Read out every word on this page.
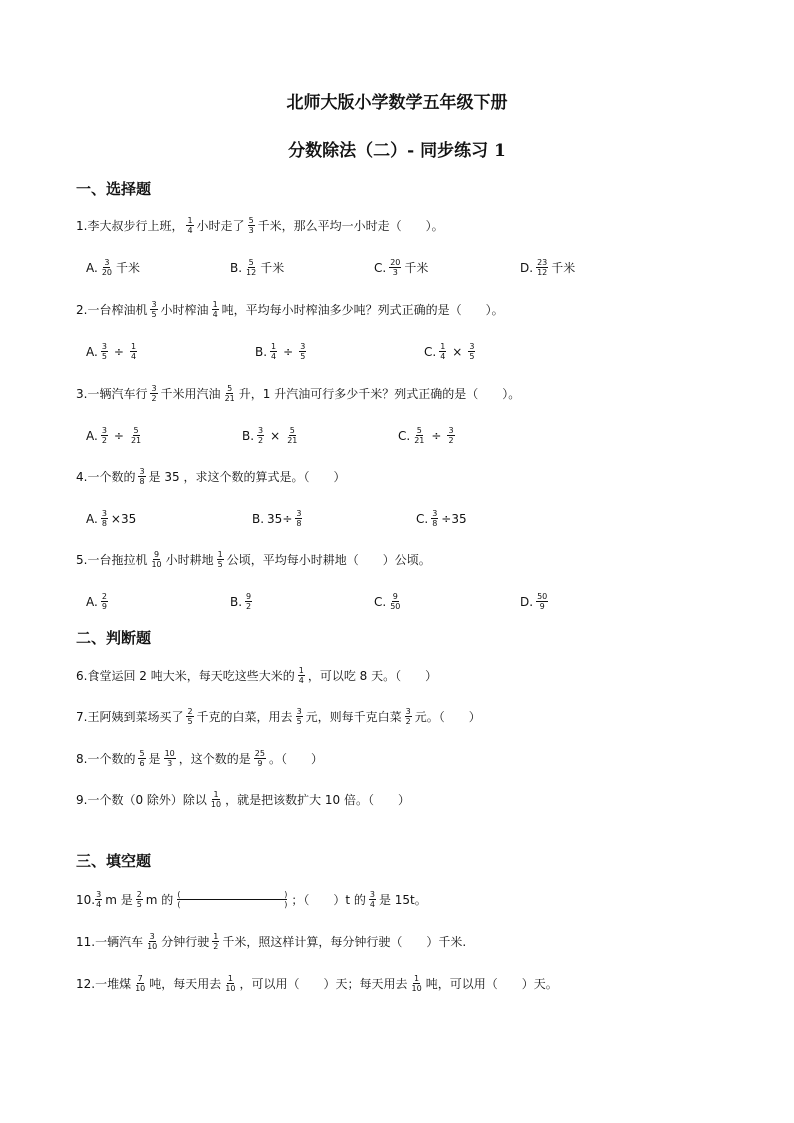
北师大版小学数学五年级下册
分数除法（二）- 同步练习 1
一、选择题
1.李大叔步行上班， $\frac{1}{4}$ 小时走了 $\frac{5}{3}$ 千米，那么平均一小时走（　　）。
A. $\frac{3}{20}$ 千米	B. $\frac{5}{12}$ 千米	C. $\frac{20}{3}$ 千米	D. $\frac{23}{12}$ 千米
2.一台榨油机 $\frac{3}{5}$ 小时榨油 $\frac{1}{4}$ 吨，平均每小时榨油多少吨？列式正确的是（　　）。
A. $\frac{3}{5} \div \frac{1}{4}$	B. $\frac{1}{4} \div \frac{3}{5}$	C. $\frac{1}{4} \times \frac{3}{5}$
3.一辆汽车行 $\frac{3}{2}$ 千米用汽油 $\frac{5}{21}$ 升，1 升汽油可行多少千米？列式正确的是（　　）。
A. $\frac{3}{2} \div \frac{5}{21}$	B. $\frac{3}{2} \times \frac{5}{21}$	C. $\frac{5}{21} \div \frac{3}{2}$
4.一个数的 $\frac{3}{8}$ 是 35 ，求这个数的算式是。（　　）
A. $\frac{3}{8} \times 35$	B. $35\div \frac{3}{8}$	C. $\frac{3}{8} \div 35$
5.一台拖拉机 $\frac{9}{10}$ 小时耕地 $\frac{1}{5}$ 公顷，平均每小时耕地（　　）公顷。
A. $\frac{2}{9}$	B. $\frac{9}{2}$	C. $\frac{9}{50}$	D. $\frac{50}{9}$
二、判断题
6.食堂运回 2 吨大米，每天吃这些大米的 $\frac{1}{4}$ ，可以吃 8 天。（　　）
7.王阿姨到菜场买了 $\frac{2}{5}$ 千克的白菜，用去 $\frac{3}{5}$ 元，则每千克白菜 $\frac{3}{2}$ 元。（　　）
8.一个数的 $\frac{5}{6}$ 是 $\frac{10}{3}$ ，这个数的是 $\frac{25}{9}$ 。（　　）
9.一个数（0 除外）除以 $\frac{1}{10}$ ，就是把该数扩大 10 倍。（　　）
三、填空题
10. $\frac{3}{4}$ m 是 $\frac{2}{5}$ m 的 (	)
(	) ；（　　）t 的 $\frac{3}{4}$ 是 15t。
11.一辆汽车 $\frac{3}{10}$ 分钟行驶 $\frac{1}{2}$ 千米，照这样计算，每分钟行驶（　　）千米.
12.一堆煤 $\frac{7}{10}$ 吨，每天用去 $\frac{1}{10}$ ，可以用（　　）天；每天用去 $\frac{1}{10}$ 吨，可以用（　　）天。
